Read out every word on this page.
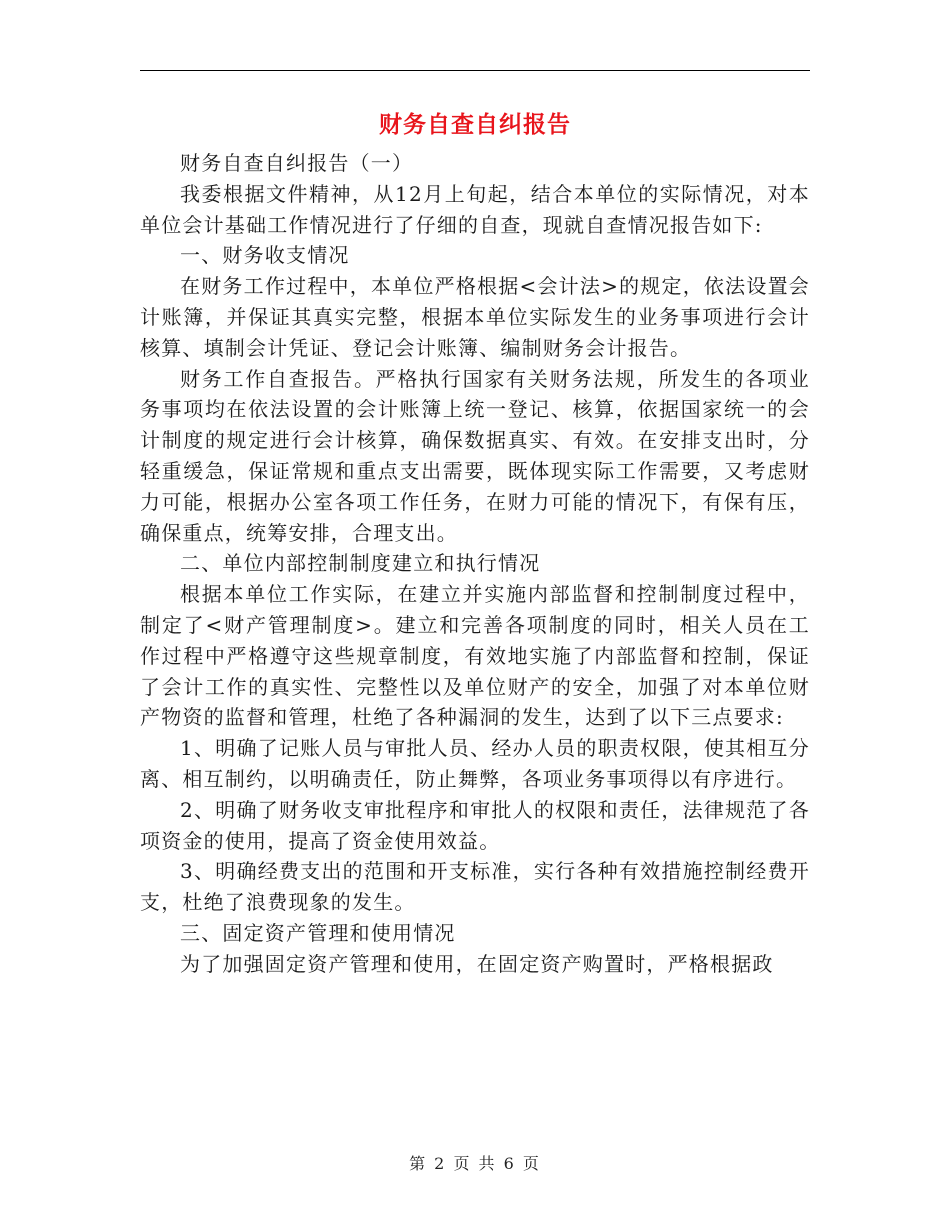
财务自查自纠报告

财务自查自纠报告（一）

我委根据文件精神，从12月上旬起，结合本单位的实际情况，对本单位会计基础工作情况进行了仔细的自查，现就自查情况报告如下:

一、财务收支情况

在财务工作过程中，本单位严格根据<会计法>的规定，依法设置会计账簿，并保证其真实完整，根据本单位实际发生的业务事项进行会计核算、填制会计凭证、登记会计账簿、编制财务会计报告。

财务工作自查报告。严格执行国家有关财务法规，所发生的各项业务事项均在依法设置的会计账簿上统一登记、核算，依据国家统一的会计制度的规定进行会计核算，确保数据真实、有效。在安排支出时，分轻重缓急，保证常规和重点支出需要，既体现实际工作需要，又考虑财力可能，根据办公室各项工作任务，在财力可能的情况下，有保有压，确保重点，统筹安排，合理支出。

二、单位内部控制制度建立和执行情况

根据本单位工作实际，在建立并实施内部监督和控制制度过程中，制定了<财产管理制度>。建立和完善各项制度的同时，相关人员在工作过程中严格遵守这些规章制度，有效地实施了内部监督和控制，保证了会计工作的真实性、完整性以及单位财产的安全，加强了对本单位财产物资的监督和管理，杜绝了各种漏洞的发生，达到了以下三点要求:

1、明确了记账人员与审批人员、经办人员的职责权限，使其相互分离、相互制约，以明确责任，防止舞弊，各项业务事项得以有序进行。

2、明确了财务收支审批程序和审批人的权限和责任，法律规范了各项资金的使用，提高了资金使用效益。

3、明确经费支出的范围和开支标准，实行各种有效措施控制经费开支，杜绝了浪费现象的发生。

三、固定资产管理和使用情况

为了加强固定资产管理和使用，在固定资产购置时，严格根据政

第 2 页 共 6 页
